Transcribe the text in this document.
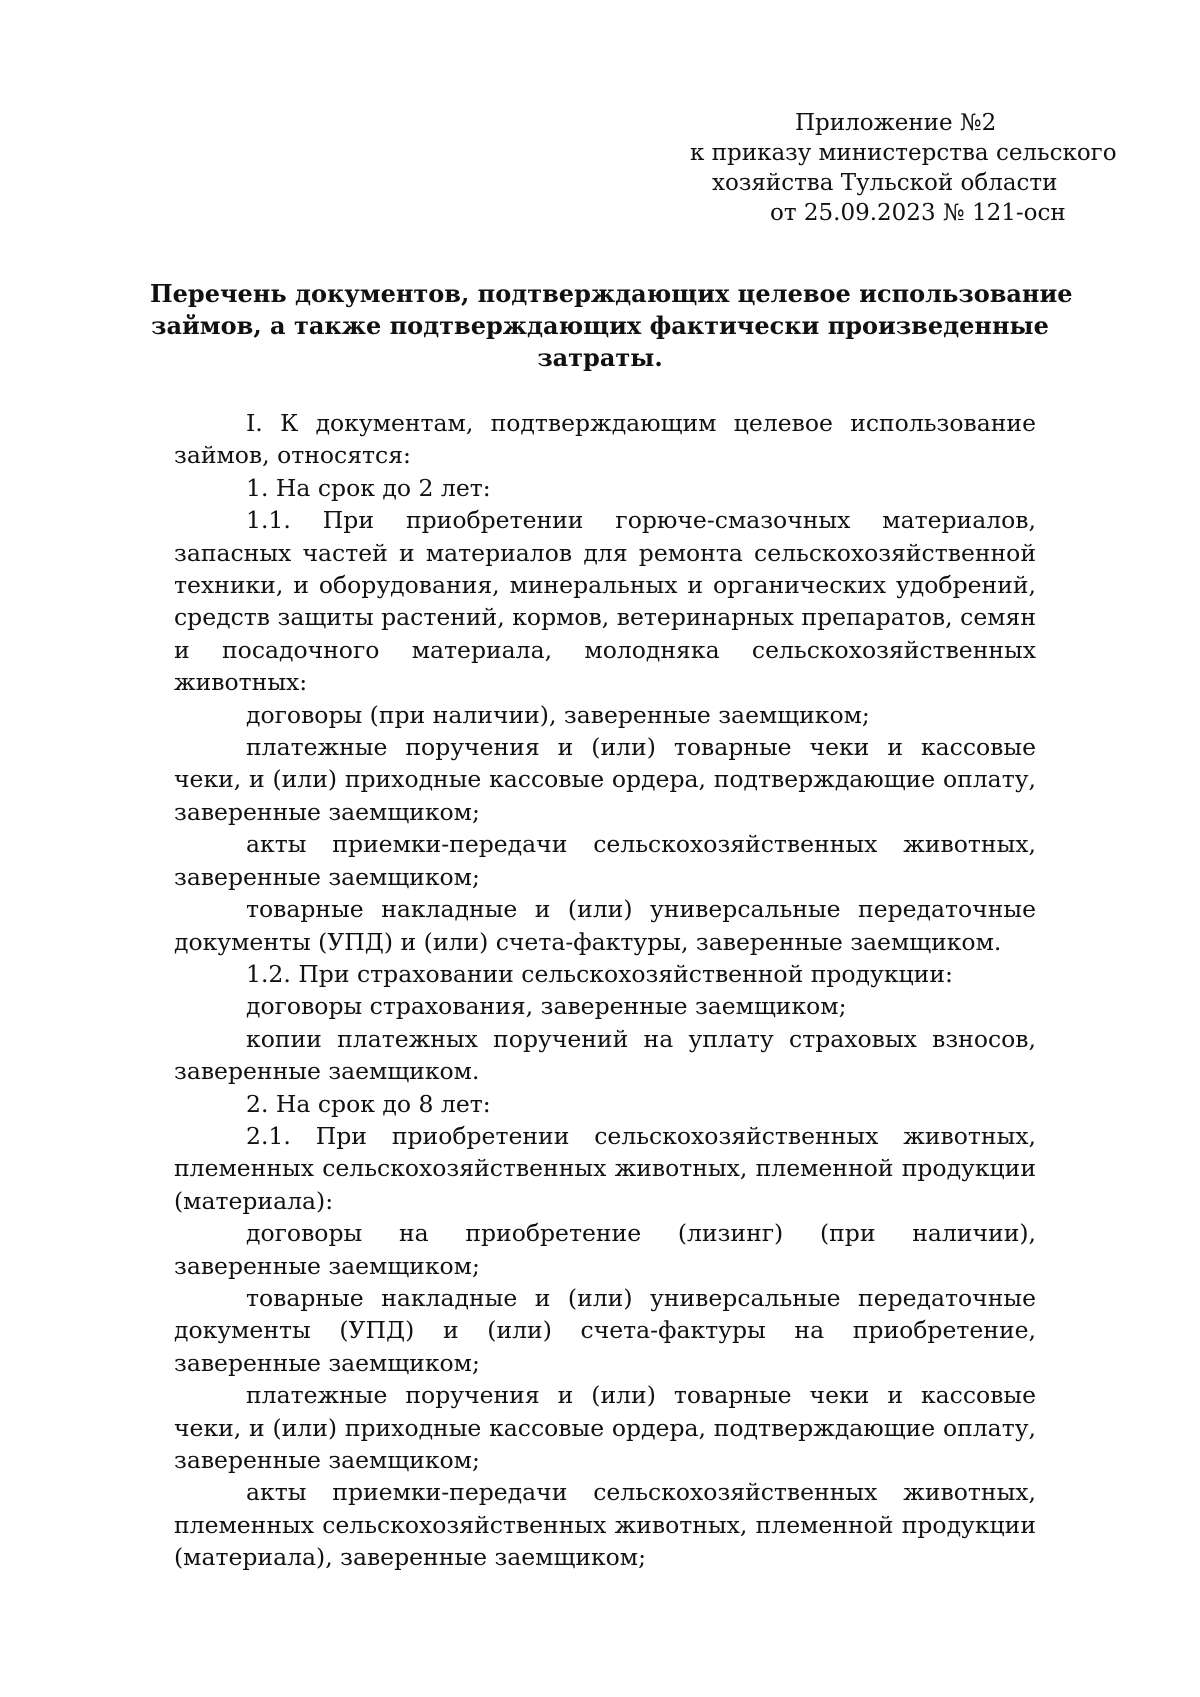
Приложение №2
к приказу министерства сельского
хозяйства Тульской области
от 25.09.2023 № 121-осн
Перечень документов, подтверждающих целевое использование
займов, а также подтверждающих фактически произведенные
затраты.

I. К документам, подтверждающим целевое использование займов, относятся:

1. На срок до 2 лет:

1.1. При приобретении горюче-смазочных материалов, запасных частей и материалов для ремонта сельскохозяйственной техники, и оборудования, минеральных и органических удобрений, средств защиты растений, кормов, ветеринарных препаратов, семян и посадочного материала, молодняка сельскохозяйственных животных:

договоры (при наличии), заверенные заемщиком;

платежные поручения и (или) товарные чеки и кассовые чеки, и (или) приходные кассовые ордера, подтверждающие оплату, заверенные заемщиком;

акты приемки-передачи сельскохозяйственных животных, заверенные заемщиком;

товарные накладные и (или) универсальные передаточные документы (УПД) и (или) счета-фактуры, заверенные заемщиком.

1.2. При страховании сельскохозяйственной продукции:

договоры страхования, заверенные заемщиком;

копии платежных поручений на уплату страховых взносов, заверенные заемщиком.

2. На срок до 8 лет:

2.1. При приобретении сельскохозяйственных животных, племенных сельскохозяйственных животных, племенной продукции (материала):

договоры на приобретение (лизинг) (при наличии), заверенные заемщиком;

товарные накладные и (или) универсальные передаточные документы (УПД) и (или) счета-фактуры на приобретение, заверенные заемщиком;

платежные поручения и (или) товарные чеки и кассовые чеки, и (или) приходные кассовые ордера, подтверждающие оплату, заверенные заемщиком;

акты приемки-передачи сельскохозяйственных животных, племенных сельскохозяйственных животных, племенной продукции (материала), заверенные заемщиком;
